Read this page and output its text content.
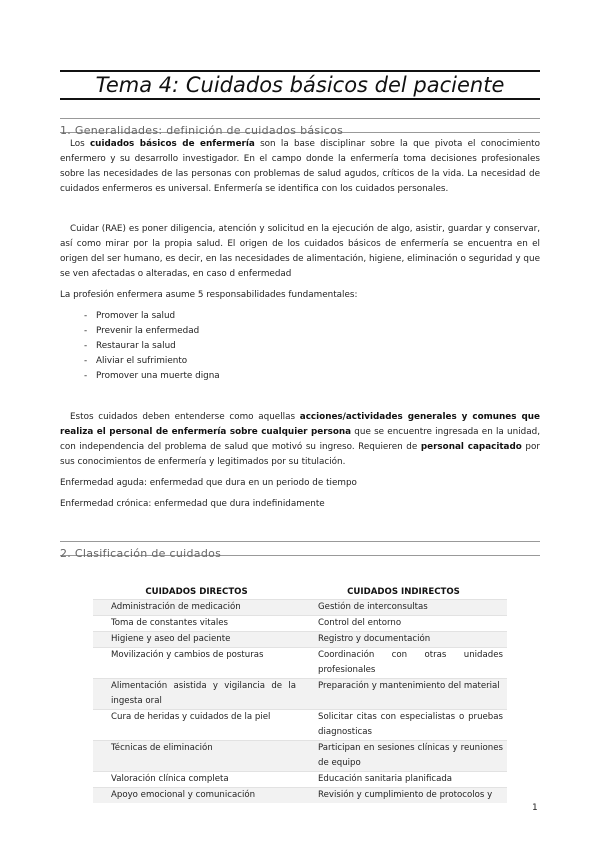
Tema 4: Cuidados básicos del paciente
1. Generalidades: definición de cuidados básicos
Los cuidados básicos de enfermería son la base disciplinar sobre la que pivota el conocimiento enfermero y su desarrollo investigador. En el campo donde la enfermería toma decisiones profesionales sobre las necesidades de las personas con problemas de salud agudos, críticos de la vida. La necesidad de cuidados enfermeros es universal. Enfermería se identifica con los cuidados personales.
Cuidar (RAE) es poner diligencia, atención y solicitud en la ejecución de algo, asistir, guardar y conservar, así como mirar por la propia salud. El origen de los cuidados básicos de enfermería se encuentra en el origen del ser humano, es decir, en las necesidades de alimentación, higiene, eliminación o seguridad y que se ven afectadas o alteradas, en caso d enfermedad
La profesión enfermera asume 5 responsabilidades fundamentales:
- Promover la salud
- Prevenir la enfermedad
- Restaurar la salud
- Aliviar el sufrimiento
- Promover una muerte digna
Estos cuidados deben entenderse como aquellas acciones/actividades generales y comunes que realiza el personal de enfermería sobre cualquier persona que se encuentre ingresada en la unidad, con independencia del problema de salud que motivó su ingreso. Requieren de personal capacitado por sus conocimientos de enfermería y legitimados por su titulación.
Enfermedad aguda: enfermedad que dura en un periodo de tiempo
Enfermedad crónica: enfermedad que dura indefinidamente
2. Clasificación de cuidados
CUIDADOS DIRECTOS	CUIDADOS INDIRECTOS
Administración de medicación	Gestión de interconsultas
Toma de constantes vitales	Control del entorno
Higiene y aseo del paciente	Registro y documentación
Movilización y cambios de posturas	Coordinación con otras unidades profesionales
Alimentación asistida y vigilancia de la ingesta oral	Preparación y mantenimiento del material
Cura de heridas y cuidados de la piel	Solicitar citas con especialistas o pruebas diagnosticas
Técnicas de eliminación	Participan en sesiones clínicas y reuniones de equipo
Valoración clínica completa	Educación sanitaria planificada
Apoyo emocional y comunicación	Revisión y cumplimiento de protocolos y
1
